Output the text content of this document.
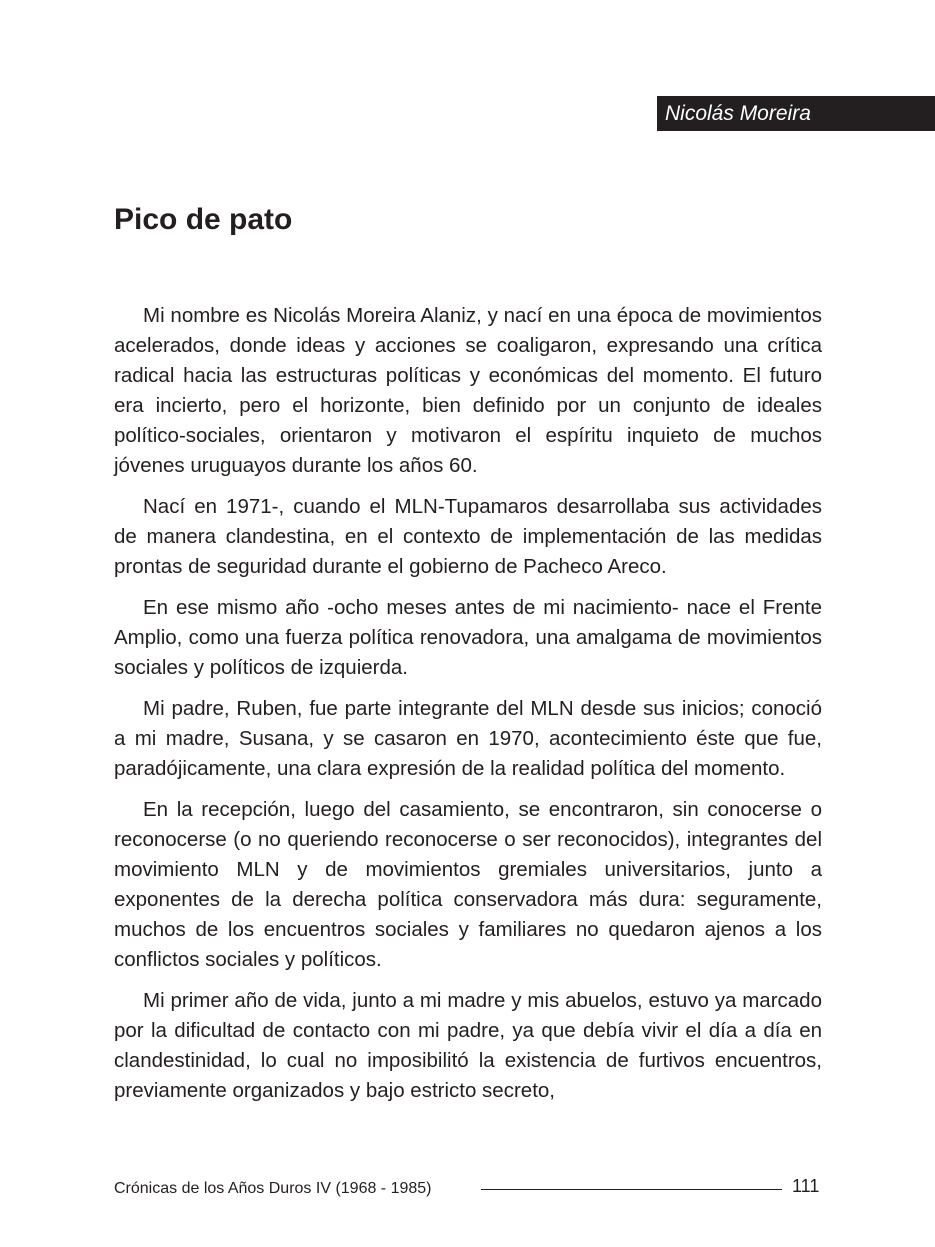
Nicolás Moreira
Pico de pato

Mi nombre es Nicolás Moreira Alaniz, y nací en una época de movimientos acelerados, donde ideas y acciones se coaligaron, expresando una crítica radical hacia las estructuras políticas y económicas del momento. El futuro era incierto, pero el horizonte, bien definido por un conjunto de ideales político-sociales, orientaron y motivaron el espíritu inquieto de muchos jóvenes uruguayos durante los años 60.

Nací en 1971-, cuando el MLN-Tupamaros desarrollaba sus actividades de manera clandestina, en el contexto de implementación de las medidas prontas de seguridad durante el gobierno de Pacheco Areco.

En ese mismo año -ocho meses antes de mi nacimiento- nace el Frente Amplio, como una fuerza política renovadora, una amalgama de movimientos sociales y políticos de izquierda.

Mi padre, Ruben, fue parte integrante del MLN desde sus inicios; conoció a mi madre, Susana, y se casaron en 1970, acontecimiento éste que fue, paradójicamente, una clara expresión de la realidad política del momento.

En la recepción, luego del casamiento, se encontraron, sin conocerse o reconocerse (o no queriendo reconocerse o ser reconocidos), integrantes del movimiento MLN y de movimientos gremiales universitarios, junto a exponentes de la derecha política conservadora más dura: seguramente, muchos de los encuentros sociales y familiares no quedaron ajenos a los conflictos sociales y políticos.

Mi primer año de vida, junto a mi madre y mis abuelos, estuvo ya marcado por la dificultad de contacto con mi padre, ya que debía vivir el día a día en clandestinidad, lo cual no imposibilitó la existencia de furtivos encuentros, previamente organizados y bajo estricto secreto,

Crónicas de los Años Duros IV (1968 - 1985)	111
